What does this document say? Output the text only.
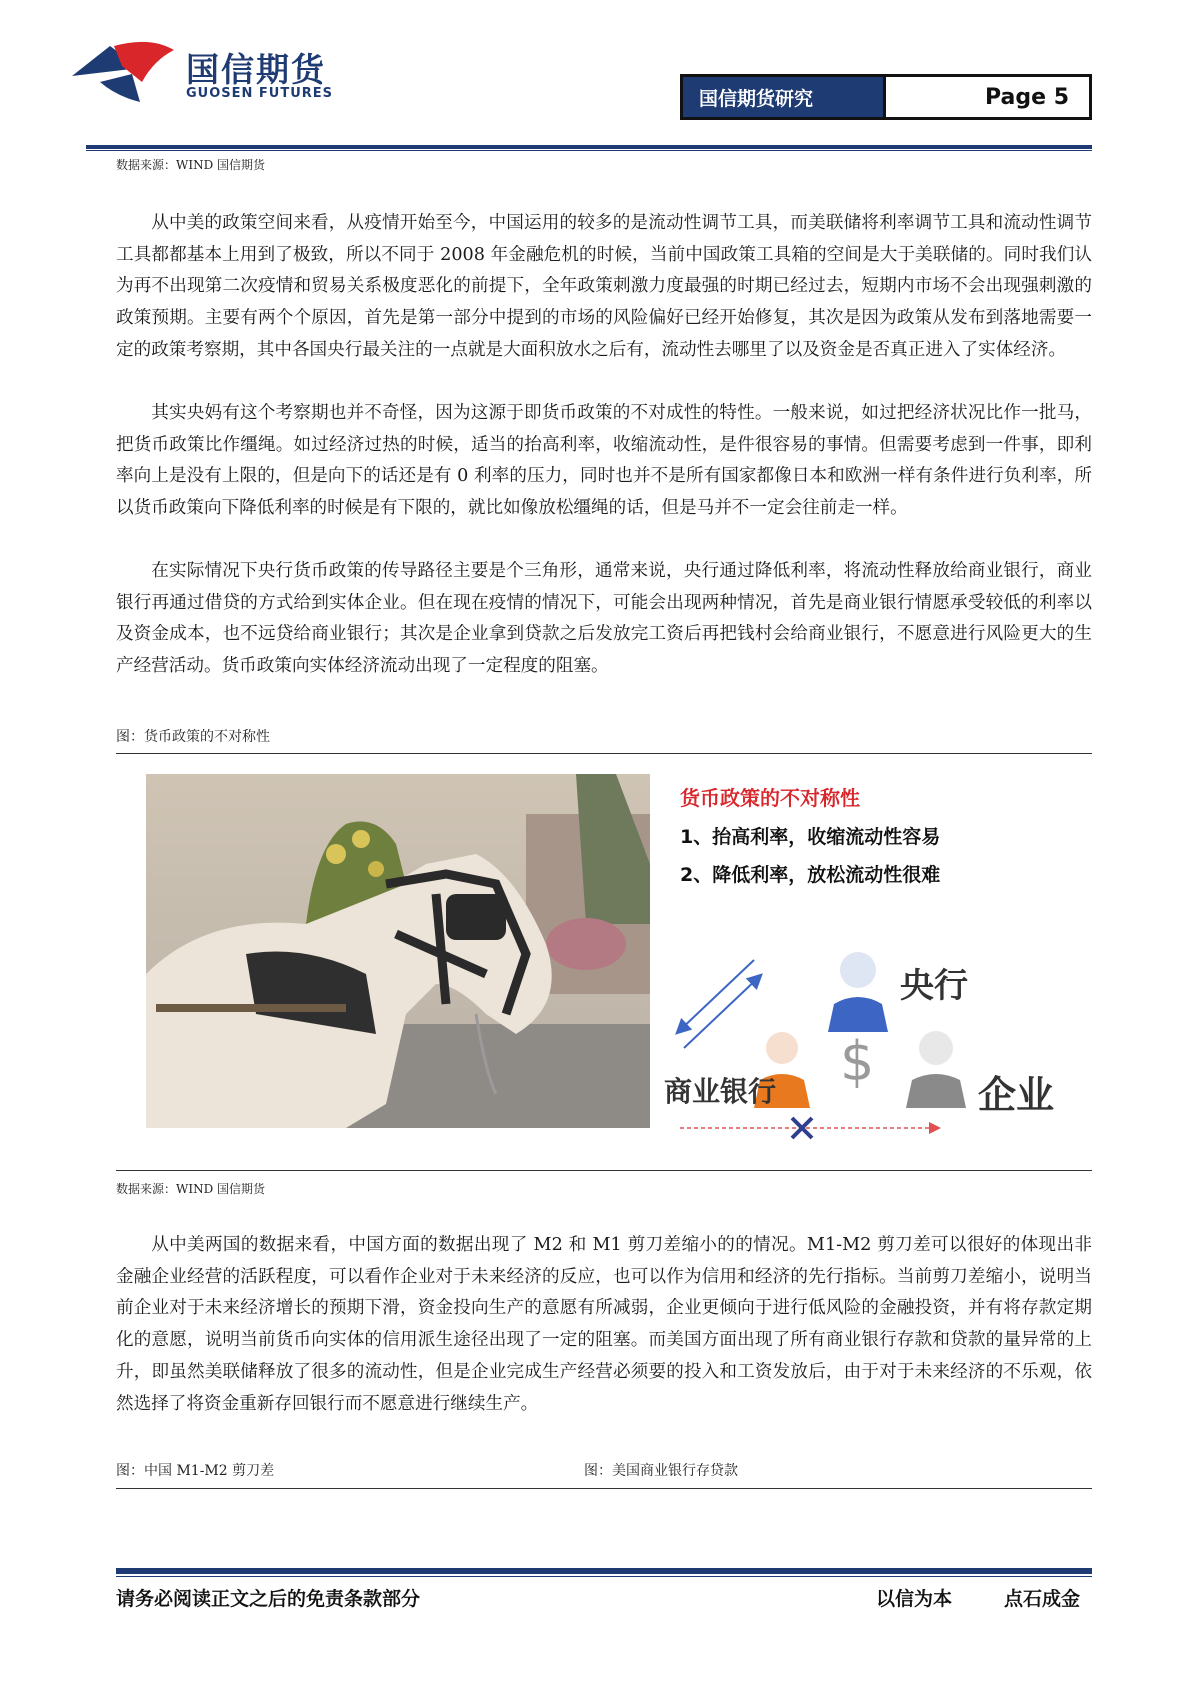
国信期货
GUOSEN FUTURES	国信期货研究	Page 5
数据来源：WIND 国信期货

从中美的政策空间来看，从疫情开始至今，中国运用的较多的是流动性调节工具，而美联储将利率调节工具和流动性调节工具都都基本上用到了极致，所以不同于 2008 年金融危机的时候，当前中国政策工具箱的空间是大于美联储的。同时我们认为再不出现第二次疫情和贸易关系极度恶化的前提下，全年政策刺激力度最强的时期已经过去，短期内市场不会出现强刺激的政策预期。主要有两个个原因，首先是第一部分中提到的市场的风险偏好已经开始修复，其次是因为政策从发布到落地需要一定的政策考察期，其中各国央行最关注的一点就是大面积放水之后有，流动性去哪里了以及资金是否真正进入了实体经济。

其实央妈有这个考察期也并不奇怪，因为这源于即货币政策的不对成性的特性。一般来说，如过把经济状况比作一批马，把货币政策比作缰绳。如过经济过热的时候，适当的抬高利率，收缩流动性，是件很容易的事情。但需要考虑到一件事，即利率向上是没有上限的，但是向下的话还是有 0 利率的压力，同时也并不是所有国家都像日本和欧洲一样有条件进行负利率，所以货币政策向下降低利率的时候是有下限的，就比如像放松缰绳的话，但是马并不一定会往前走一样。

在实际情况下央行货币政策的传导路径主要是个三角形，通常来说，央行通过降低利率，将流动性释放给商业银行，商业银行再通过借贷的方式给到实体企业。但在现在疫情的情况下，可能会出现两种情况，首先是商业银行情愿承受较低的利率以及资金成本，也不远贷给商业银行；其次是企业拿到贷款之后发放完工资后再把钱村会给商业银行，不愿意进行风险更大的生产经营活动。货币政策向实体经济流动出现了一定程度的阻塞。

图：货币政策的不对称性
货币政策的不对称性
1、抬高利率，收缩流动性容易
2、降低利率，放松流动性很难
$
央行
商业银行	企业
数据来源：WIND 国信期货

从中美两国的数据来看，中国方面的数据出现了 M2 和 M1 剪刀差缩小的的情况。M1-M2 剪刀差可以很好的体现出非金融企业经营的活跃程度，可以看作企业对于未来经济的反应，也可以作为信用和经济的先行指标。当前剪刀差缩小，说明当前企业对于未来经济增长的预期下滑，资金投向生产的意愿有所减弱，企业更倾向于进行低风险的金融投资，并有将存款定期化的意愿，说明当前货币向实体的信用派生途径出现了一定的阻塞。而美国方面出现了所有商业银行存款和贷款的量异常的上升，即虽然美联储释放了很多的流动性，但是企业完成生产经营必须要的投入和工资发放后，由于对于未来经济的不乐观，依然选择了将资金重新存回银行而不愿意进行继续生产。

图：中国 M1-M2 剪刀差	图：美国商业银行存贷款
请务必阅读正文之后的免责条款部分	以信为本	点石成金
